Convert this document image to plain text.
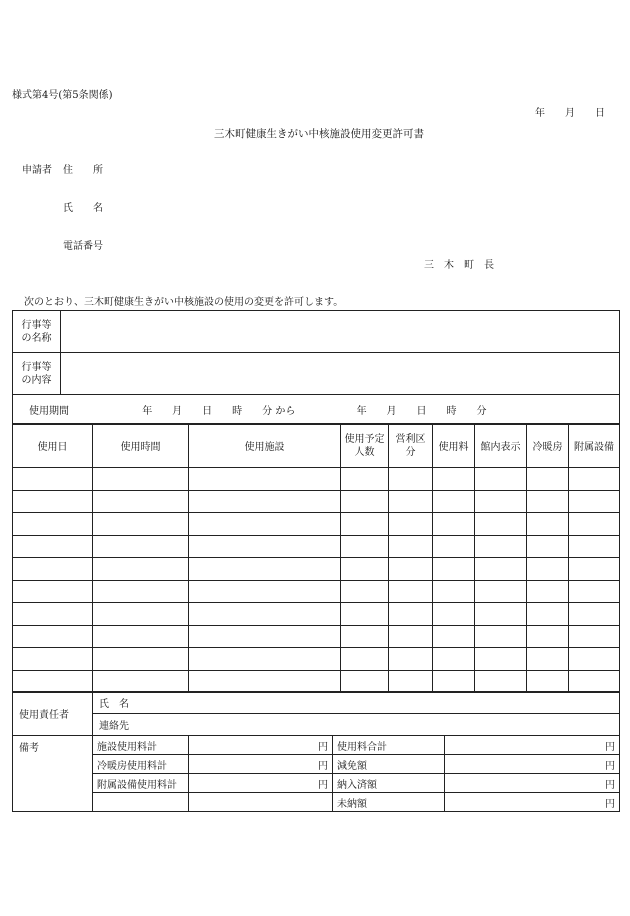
様式第4号(第5条関係)
年　　月　　日
三木町健康生きがい中核施設使用変更許可書
申請者 住　　所
氏　　名
電話番号
三　木　町　長
次のとおり、三木町健康生きがい中核施設の使用の変更を許可します。
行事等の名称	
行事等の内容	
使用期間 年　　月　　日　　時　　分 から 年　　月　　日　　時　　分	
使用日	使用時間	使用施設	使用予定人数	営利区分	使用料	館内表示	冷暖房	附属設備

使用責任者	氏　名			
	連絡先			
備考	施設使用料計	円	使用料合計	円
	冷暖房使用料計	円	減免額	円
	附属設備使用料計	円	納入済額	円
			未納額	円
